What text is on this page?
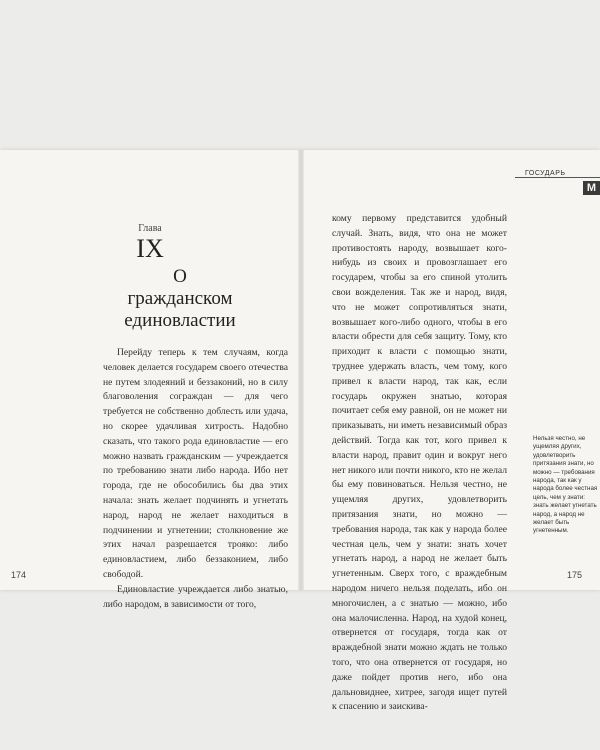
ГОСУДАРЬ
М
Глава
IX
О гражданском единовластии

Перейду теперь к тем случаям, когда человек делается государем своего отечества не путем злодеяний и беззаконий, но в силу благоволения сограждан — для чего требуется не собственно доблесть или удача, но скорее удачливая хитрость. Надобно сказать, что такого рода единовластие — его можно назвать гражданским — учреждается по требованию знати либо народа. Ибо нет города, где не обособились бы два этих начала: знать желает подчинять и угнетать народ, народ не желает находиться в подчинении и угнетении; столкновение же этих начал разрешается трояко: либо единовластием, либо беззаконием, либо свободой.

Единовластие учреждается либо знатью, либо народом, в зависимости от того,

кому первому представится удобный случай. Знать, видя, что она не может противостоять народу, возвышает кого-нибудь из своих и провозглашает его государем, чтобы за его спиной утолить свои вожделения. Так же и народ, видя, что не может сопротивляться знати, возвышает кого-либо одного, чтобы в его власти обрести для себя защиту. Тому, кто приходит к власти с помощью знати, труднее удержать власть, чем тому, кого привел к власти народ, так как, если государь окружен знатью, которая почитает себя ему равной, он не может ни приказывать, ни иметь независимый образ действий. Тогда как тот, кого привел к власти народ, правит один и вокруг него нет никого или почти никого, кто не желал бы ему повиноваться. Нельзя честно, не ущемляя других, удовлетворить притязания знати, но можно — требования народа, так как у народа более честная цель, чем у знати: знать хочет угнетать народ, а народ не желает быть угнетенным. Сверх того, с враждебным народом ничего нельзя поделать, ибо он многочислен, а с знатью — можно, ибо она малочисленна. Народ, на худой конец, отвернется от государя, тогда как от враждебной знати можно ждать не только того, что она отвернется от государя, но даже пойдет против него, ибо она дальновиднее, хитрее, загодя ищет путей к спасению и заискива-

Нельзя честно, не ущемляя других, удовлетворить притязания знати, но можно — требования народа, так как у народа более честная цель, чем у знати: знать желает угнетать народ, а народ не желает быть угнетенным.
174	175
